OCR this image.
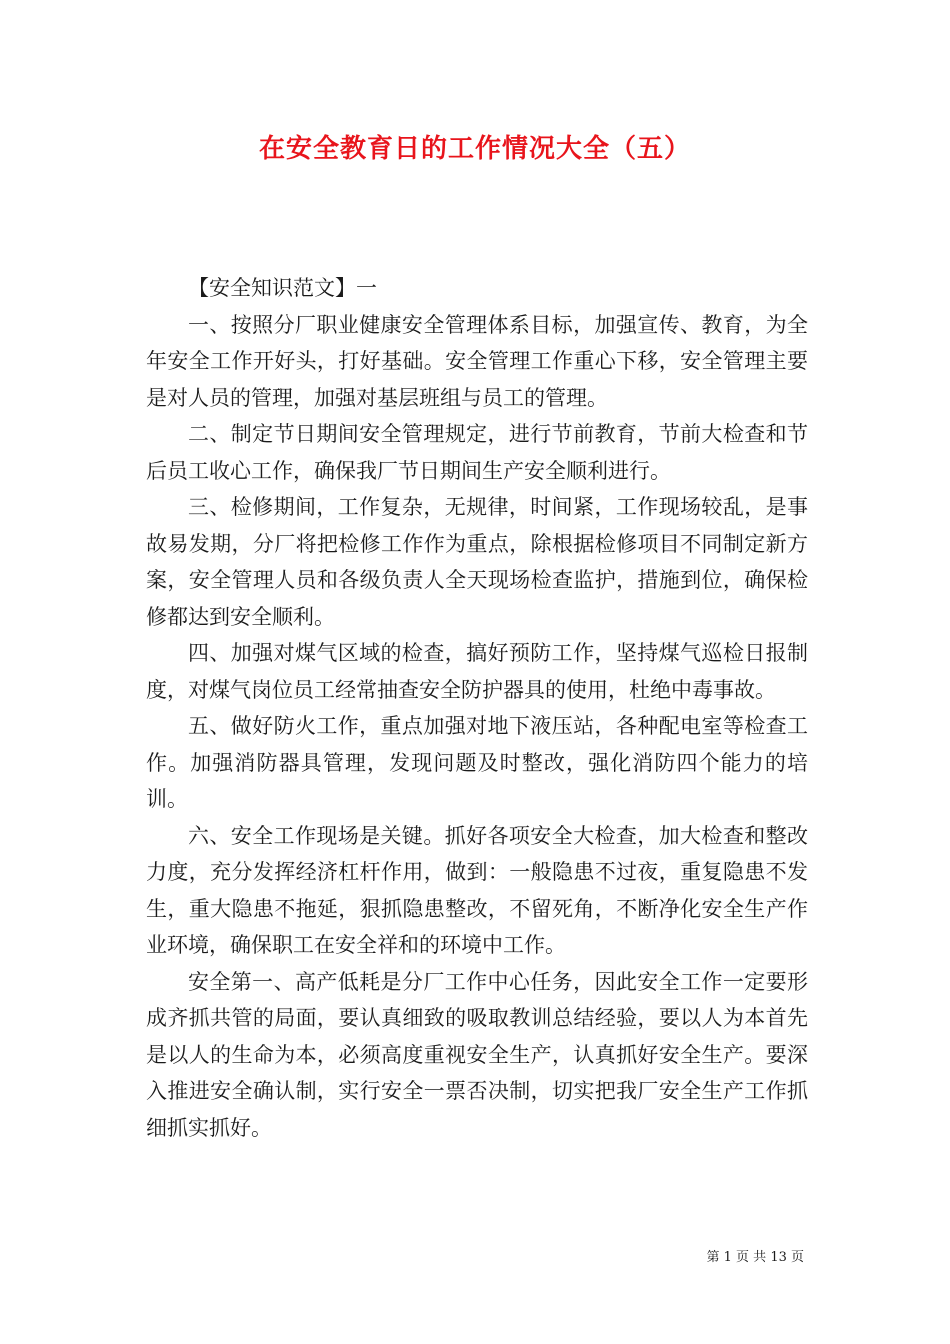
在安全教育日的工作情况大全（五）

【安全知识范文】一

一、按照分厂职业健康安全管理体系目标，加强宣传、教育，为全年安全工作开好头，打好基础。安全管理工作重心下移，安全管理主要是对人员的管理，加强对基层班组与员工的管理。

二、制定节日期间安全管理规定，进行节前教育，节前大检查和节后员工收心工作，确保我厂节日期间生产安全顺利进行。

三、检修期间，工作复杂，无规律，时间紧，工作现场较乱，是事故易发期，分厂将把检修工作作为重点，除根据检修项目不同制定新方案，安全管理人员和各级负责人全天现场检查监护，措施到位，确保检修都达到安全顺利。

四、加强对煤气区域的检查，搞好预防工作，坚持煤气巡检日报制度，对煤气岗位员工经常抽查安全防护器具的使用，杜绝中毒事故。

五、做好防火工作，重点加强对地下液压站，各种配电室等检查工作。加强消防器具管理，发现问题及时整改，强化消防四个能力的培训。

六、安全工作现场是关键。抓好各项安全大检查，加大检查和整改力度，充分发挥经济杠杆作用，做到：一般隐患不过夜，重复隐患不发生，重大隐患不拖延，狠抓隐患整改，不留死角，不断净化安全生产作业环境，确保职工在安全祥和的环境中工作。

安全第一、高产低耗是分厂工作中心任务，因此安全工作一定要形成齐抓共管的局面，要认真细致的吸取教训总结经验，要以人为本首先是以人的生命为本，必须高度重视安全生产，认真抓好安全生产。要深入推进安全确认制，实行安全一票否决制，切实把我厂安全生产工作抓细抓实抓好。

第 1 页 共 13 页
